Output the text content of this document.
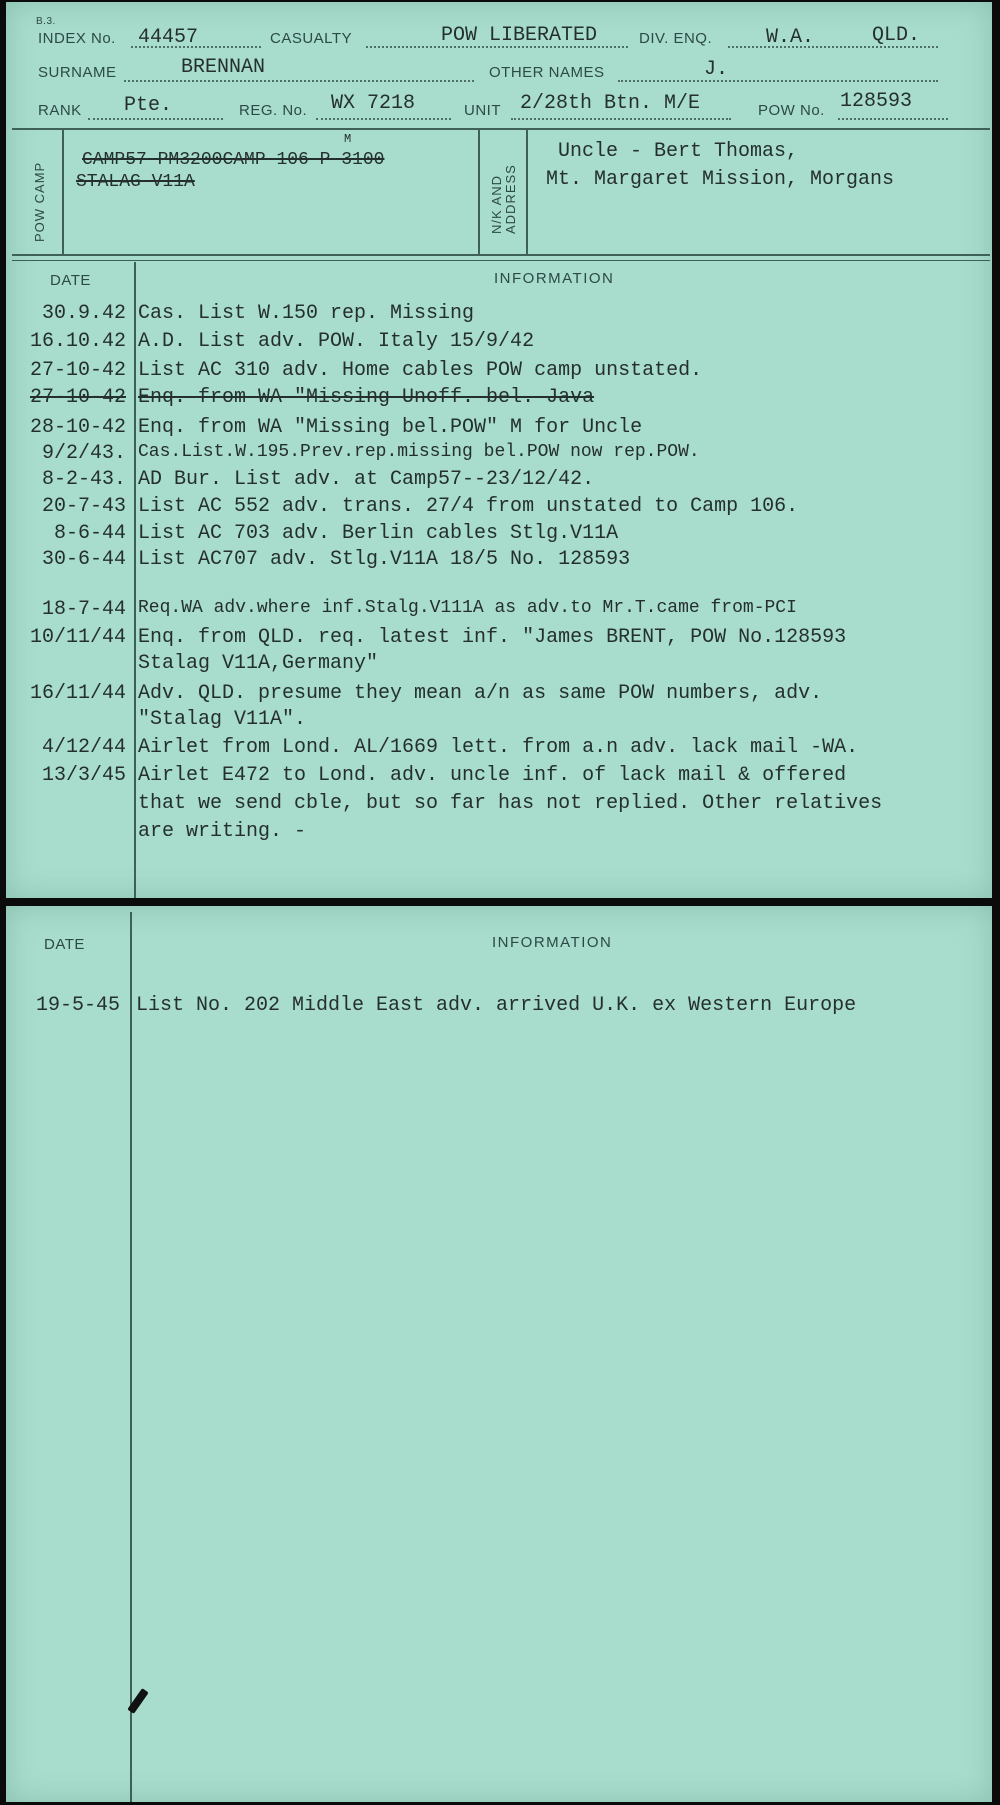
B.3.
INDEX No. 44457	CASUALTY	POW LIBERATED	DIV. ENQ.	W.A.	QLD.
SURNAME	BRENNAN	OTHER NAMES	J.
RANK Pte.	REG. No. WX 7218	UNIT 2/28th Btn. M/E	POW No. 128593
POW CAMP
CAMP57-PM3200CAMP-106-P-3100
M
STALAG V11A	N/K AND
ADDRESS
Uncle - Bert Thomas,
Mt. Margaret Mission, Morgans
DATE	INFORMATION
30.9.42 Cas. List W.150 rep. Missing
16.10.42 A.D. List adv. POW. Italy 15/9/42
27-10-42 List AC 310 adv. Home cables POW camp unstated.
27-10-42 Enq. from WA "Missing Unoff. bel. Java
28-10-42 Enq. from WA "Missing bel.POW" M for Uncle
9/2/43. Cas.List.W.195.Prev.rep.missing bel.POW now rep.POW.
8-2-43. AD Bur. List adv. at Camp57--23/12/42.
20-7-43 List AC 552 adv. trans. 27/4 from unstated to Camp 106.
8-6-44 List AC 703 adv. Berlin cables Stlg.V11A
30-6-44 List AC707 adv. Stlg.V11A 18/5 No. 128593
18-7-44 Req.WA adv.where inf.Stalg.V111A as adv.to Mr.T.came from-PCI
10/11/44 Enq. from QLD. req. latest inf. "James BRENT, POW No.128593
Stalag V11A,Germany"
16/11/44 Adv. QLD. presume they mean a/n as same POW numbers, adv.
"Stalag V11A".
4/12/44 Airlet from Lond. AL/1669 lett. from a.n adv. lack mail -WA.
13/3/45 Airlet E472 to Lond. adv. uncle inf. of lack mail & offered
that we send cble, but so far has not replied. Other relatives
are writing. -
DATE	INFORMATION
19-5-45 List No. 202 Middle East adv. arrived U.K. ex Western Europe
